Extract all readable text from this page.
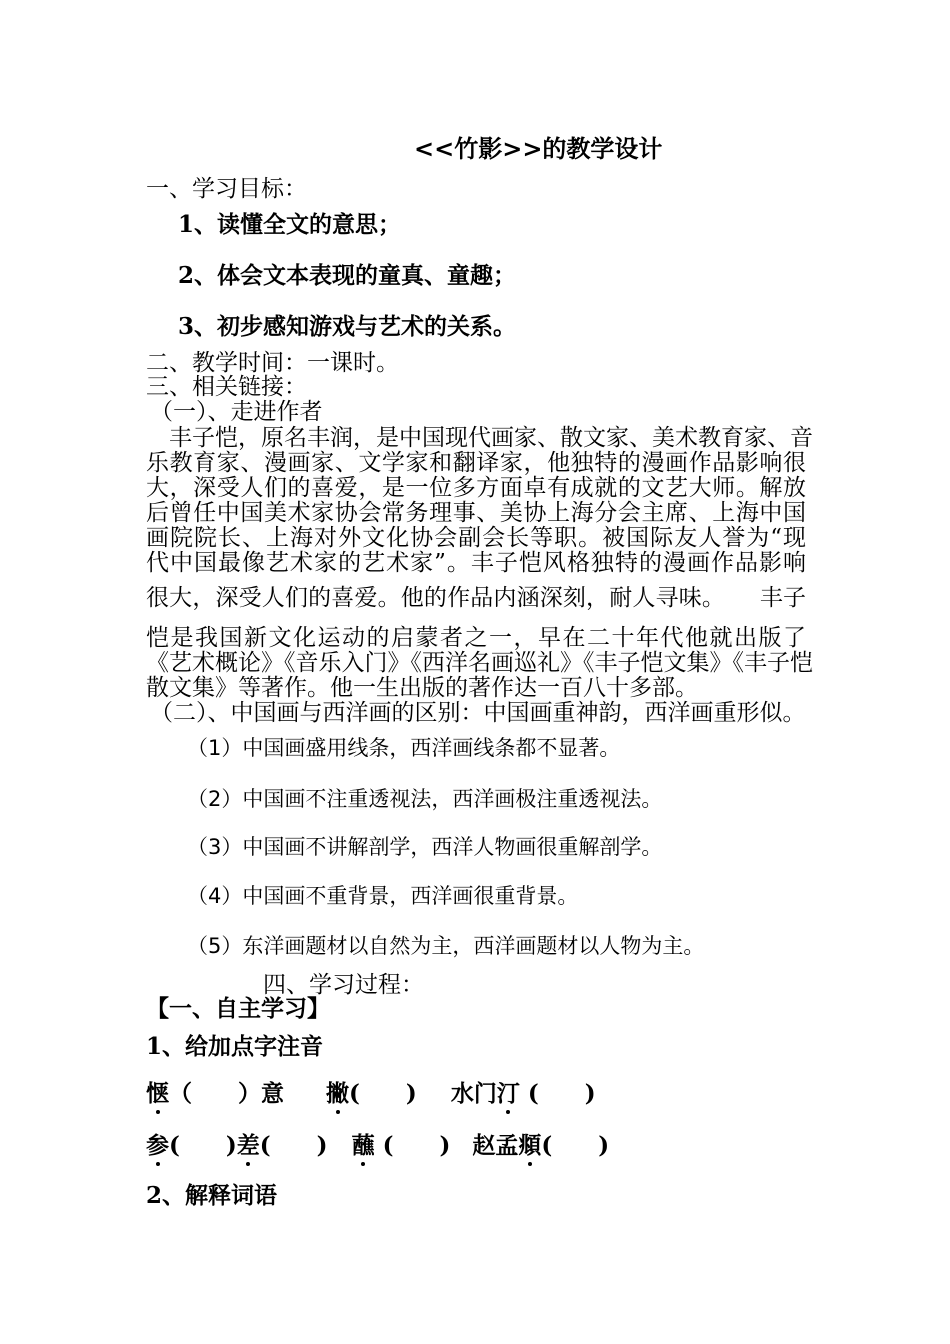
<<竹影>>的教学设计
一、学习目标：
1、读懂全文的意思；
2、体会文本表现的童真、童趣；
3、初步感知游戏与艺术的关系。
二、教学时间：一课时。
三、相关链接：
（一）、走进作者
　丰子恺，原名丰润，是中国现代画家、散文家、美术教育家、音
乐教育家、漫画家、文学家和翻译家，他独特的漫画作品影响很
大，深受人们的喜爱，是一位多方面卓有成就的文艺大师。解放
后曾任中国美术家协会常务理事、美协上海分会主席、上海中国
画院院长、上海对外文化协会副会长等职。被国际友人誉为“现
代中国最像艺术家的艺术家”。丰子恺风格独特的漫画作品影响
很大，深受人们的喜爱。他的作品内涵深刻，耐人寻味。　　丰子
恺是我国新文化运动的启蒙者之一，早在二十年代他就出版了
《艺术概论》《音乐入门》《西洋名画巡礼》《丰子恺文集》《丰子恺
散文集》等著作。他一生出版的著作达一百八十多部。
（二）、中国画与西洋画的区别：中国画重神韵，西洋画重形似。
（1）中国画盛用线条，西洋画线条都不显著。
（2）中国画不注重透视法，西洋画极注重透视法。
（3）中国画不讲解剖学，西洋人物画很重解剖学。
（4）中国画不重背景，西洋画很重背景。
（5）东洋画题材以自然为主，西洋画题材以人物为主。
四、学习过程：
【一、自主学习】
1、给加点字注音
惬（　　）意 撇(　　) 水门汀 (　　)
参(　　)差(　　) 蘸 (　　) 赵孟頫(　　)
2、解释词语
